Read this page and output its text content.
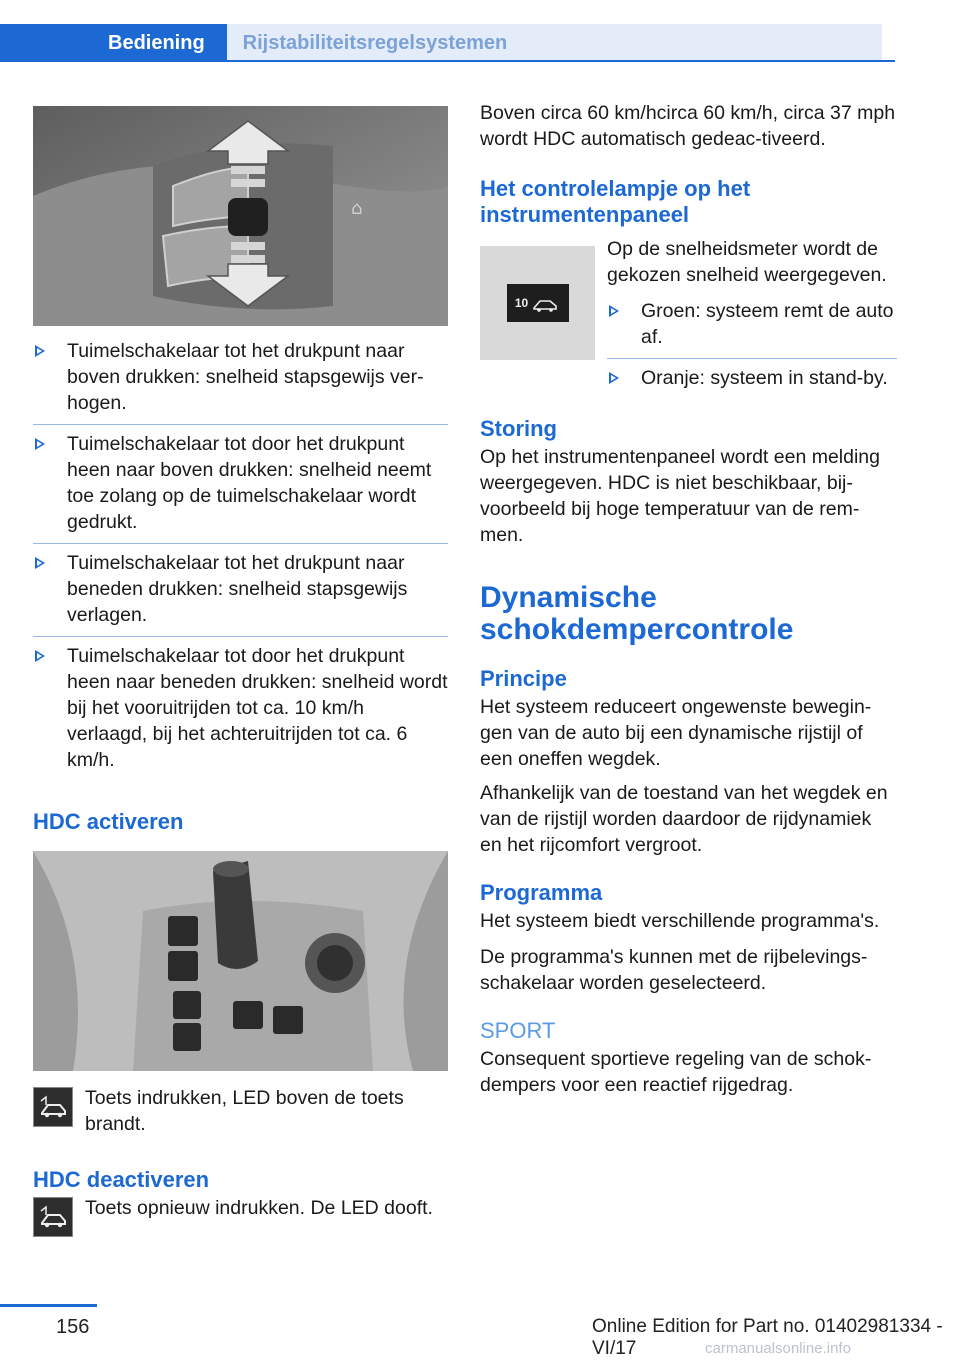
Bediening	Rijstabiliteitsregelsystemen
⌂
Tuimelschakelaar tot het drukpunt naar boven drukken: snelheid stapsgewijs ver‐hogen.
Tuimelschakelaar tot door het drukpunt heen naar boven drukken: snelheid neemt toe zolang op de tuimelschakelaar wordt gedrukt.
Tuimelschakelaar tot het drukpunt naar beneden drukken: snelheid stapsgewijs verlagen.
Tuimelschakelaar tot door het drukpunt heen naar beneden drukken: snelheid wordt bij het vooruitrijden tot ca. 10 km/h verlaagd, bij het achteruitrijden tot ca. 6 km/h.
HDC activeren

Toets indrukken, LED boven de toets brandt.

HDC deactiveren

Toets opnieuw indrukken. De LED dooft.

Boven circa 60 km/hcirca 60 km/h, circa 37 mph wordt HDC automatisch gedeac‐tiveerd.

Het controlelampje op het instrumentenpaneel
10

Op de snelheidsmeter wordt de gekozen snelheid weergegeven.

Groen: systeem remt de auto af.
Oranje: systeem in stand-by.
Storing

Op het instrumentenpaneel wordt een melding weergegeven. HDC is niet beschikbaar, bij‐voorbeeld bij hoge temperatuur van de rem‐men.

Dynamische schokdempercontrole
Principe

Het systeem reduceert ongewenste bewegin‐gen van de auto bij een dynamische rijstijl of een oneffen wegdek.

Afhankelijk van de toestand van het wegdek en van de rijstijl worden daardoor de rijdynamiek en het rijcomfort vergroot.

Programma

Het systeem biedt verschillende programma's.

De programma's kunnen met de rijbelevings‐schakelaar worden geselecteerd.

SPORT

Consequent sportieve regeling van de schok‐dempers voor een reactief rijgedrag.

156	Online Edition for Part no. 01402981334 - VI/17	carmanualsonline.info
